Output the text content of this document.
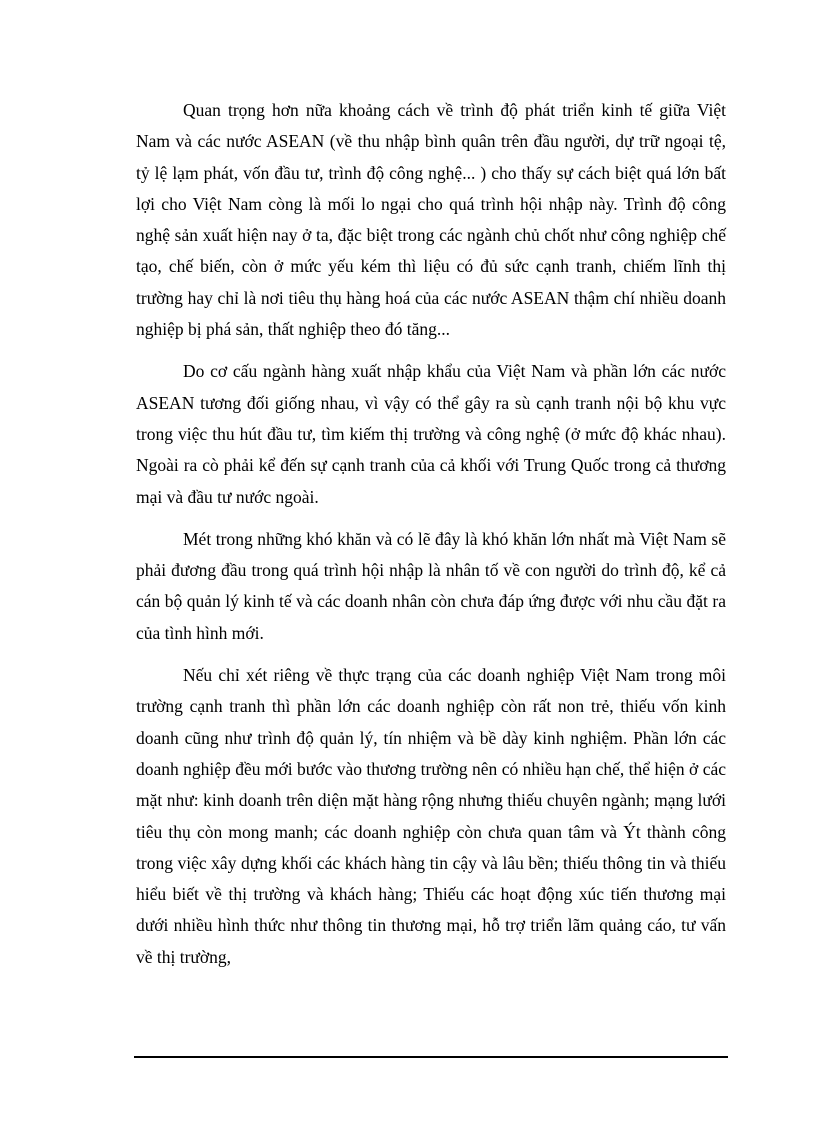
Quan trọng hơn nữa khoảng cách về trình độ phát triển kinh tế giữa Việt Nam và các nước ASEAN (về thu nhập bình quân trên đầu người, dự trữ ngoại tệ, tỷ lệ lạm phát, vốn đầu tư, trình độ công nghệ... ) cho thấy sự cách biệt quá lớn bất lợi cho Việt Nam còng là mối lo ngại cho quá trình hội nhập này. Trình độ công nghệ sản xuất hiện nay ở ta, đặc biệt trong các ngành chủ chốt như công nghiệp chế tạo, chế biến, còn ở mức yếu kém thì liệu có đủ sức cạnh tranh, chiếm lĩnh thị trường hay chỉ là nơi tiêu thụ hàng hoá của các nước ASEAN thậm chí nhiều doanh nghiệp bị phá sản, thất nghiệp theo đó tăng...

Do cơ cấu ngành hàng xuất nhập khẩu của Việt Nam và phần lớn các nước ASEAN tương đối giống nhau, vì vậy có thể gây ra sù cạnh tranh nội bộ khu vực trong việc thu hút đầu tư, tìm kiếm thị trường và công nghệ (ở mức độ khác nhau). Ngoài ra cò phải kể đến sự cạnh tranh của cả khối với Trung Quốc trong cả thương mại và đầu tư nước ngoài.

Mét trong những khó khăn và có lẽ đây là khó khăn lớn nhất mà Việt Nam sẽ phải đương đầu trong quá trình hội nhập là nhân tố về con người do trình độ, kể cả cán bộ quản lý kinh tế và các doanh nhân còn chưa đáp ứng được với nhu cầu đặt ra của tình hình mới.

Nếu chỉ xét riêng về thực trạng của các doanh nghiệp Việt Nam trong môi trường cạnh tranh thì phần lớn các doanh nghiệp còn rất non trẻ, thiếu vốn kinh doanh cũng như trình độ quản lý, tín nhiệm và bề dày kinh nghiệm. Phần lớn các doanh nghiệp đều mới bước vào thương trường nên có nhiều hạn chế, thể hiện ở các mặt như: kinh doanh trên diện mặt hàng rộng nhưng thiếu chuyên ngành; mạng lưới tiêu thụ còn mong manh; các doanh nghiệp còn chưa quan tâm và Ýt thành công trong việc xây dựng khối các khách hàng tin cậy và lâu bền; thiếu thông tin và thiếu hiểu biết về thị trường và khách hàng; Thiếu các hoạt động xúc tiến thương mại dưới nhiều hình thức như thông tin thương mại, hỗ trợ triển lãm quảng cáo, tư vấn về thị trường,
